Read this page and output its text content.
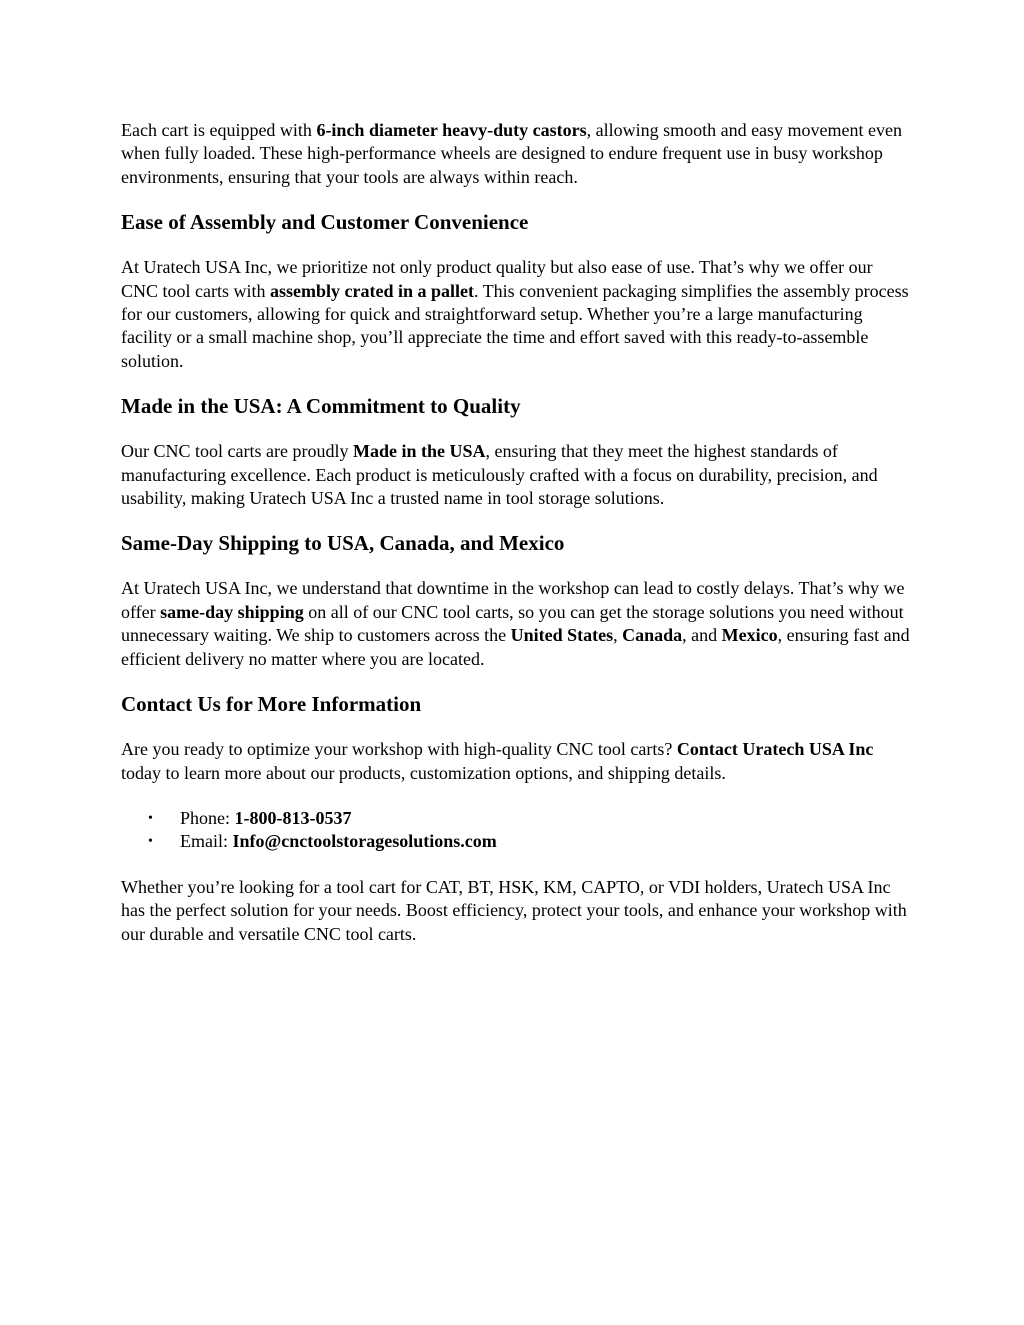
Each cart is equipped with 6-inch diameter heavy-duty castors, allowing smooth and easy movement even when fully loaded. These high-performance wheels are designed to endure frequent use in busy workshop environments, ensuring that your tools are always within reach.

Ease of Assembly and Customer Convenience

At Uratech USA Inc, we prioritize not only product quality but also ease of use. That’s why we offer our CNC tool carts with assembly crated in a pallet. This convenient packaging simplifies the assembly process for our customers, allowing for quick and straightforward setup. Whether you’re a large manufacturing facility or a small machine shop, you’ll appreciate the time and effort saved with this ready-to-assemble solution.

Made in the USA: A Commitment to Quality

Our CNC tool carts are proudly Made in the USA, ensuring that they meet the highest standards of manufacturing excellence. Each product is meticulously crafted with a focus on durability, precision, and usability, making Uratech USA Inc a trusted name in tool storage solutions.

Same-Day Shipping to USA, Canada, and Mexico

At Uratech USA Inc, we understand that downtime in the workshop can lead to costly delays. That’s why we offer same-day shipping on all of our CNC tool carts, so you can get the storage solutions you need without unnecessary waiting. We ship to customers across the United States, Canada, and Mexico, ensuring fast and efficient delivery no matter where you are located.

Contact Us for More Information

Are you ready to optimize your workshop with high-quality CNC tool carts? Contact Uratech USA Inc today to learn more about our products, customization options, and shipping details.

• Phone: 1-800-813-0537
• Email: Info@cnctoolstoragesolutions.com

Whether you’re looking for a tool cart for CAT, BT, HSK, KM, CAPTO, or VDI holders, Uratech USA Inc has the perfect solution for your needs. Boost efficiency, protect your tools, and enhance your workshop with our durable and versatile CNC tool carts.
